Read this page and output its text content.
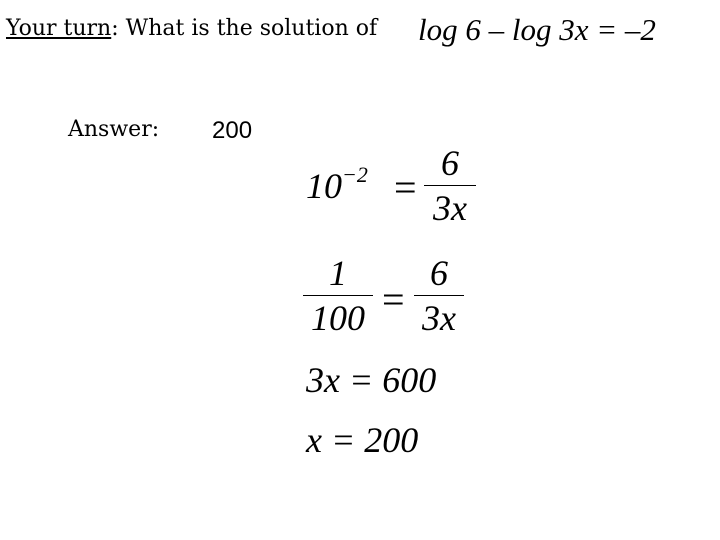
Your turn: What is the solution of log 6 – log 3x = –2
Answer: 200
$10^{-2}$ =
6
3x
1
100 =
6
3x
3x = 600
x = 200
